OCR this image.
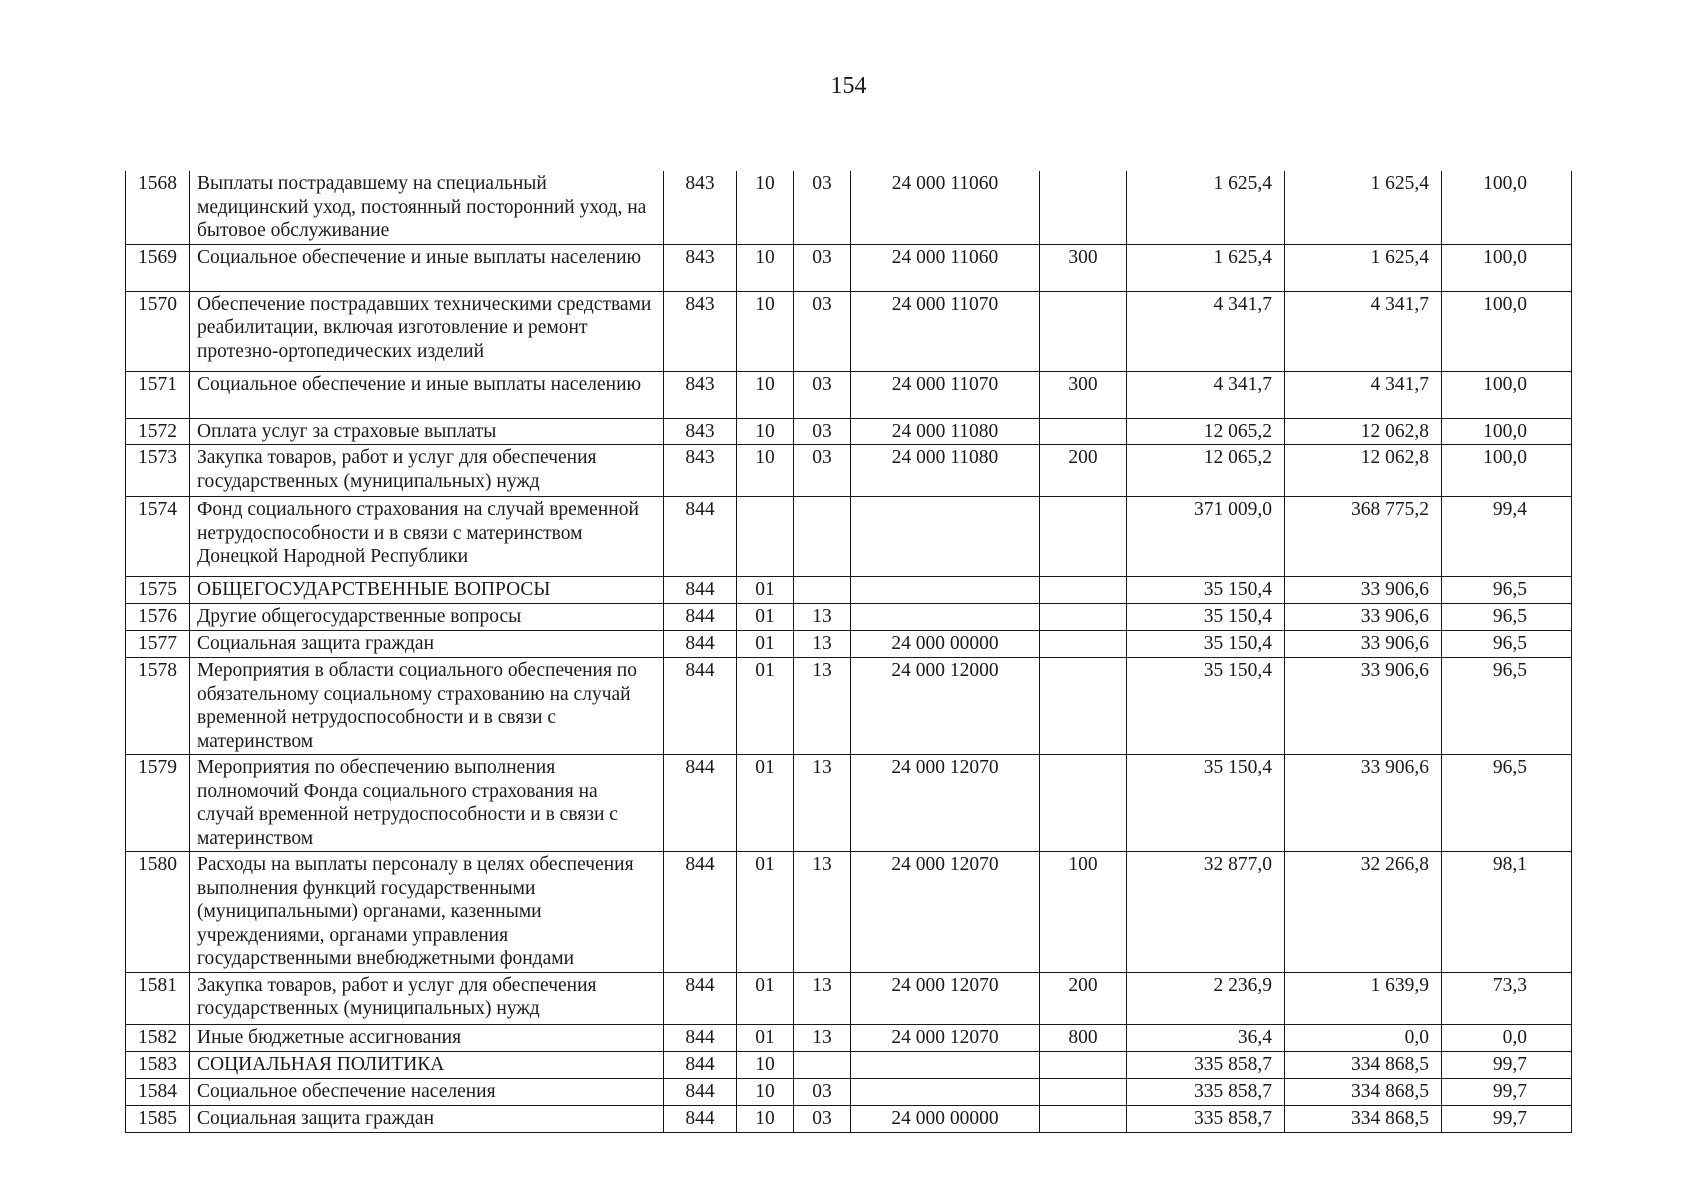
154
1568	Выплаты пострадавшему на специальный медицинский уход, постоянный посторонний уход, на бытовое обслуживание	843	10	03	24 000 11060		1 625,4	1 625,4	100,0
1569	Социальное обеспечение и иные выплаты населению	843	10	03	24 000 11060	300	1 625,4	1 625,4	100,0
1570	Обеспечение пострадавших техническими средствами реабилитации, включая изготовление и ремонт протезно-ортопедических изделий	843	10	03	24 000 11070		4 341,7	4 341,7	100,0
1571	Социальное обеспечение и иные выплаты населению	843	10	03	24 000 11070	300	4 341,7	4 341,7	100,0
1572	Оплата услуг за страховые выплаты	843	10	03	24 000 11080		12 065,2	12 062,8	100,0
1573	Закупка товаров, работ и услуг для обеспечения государственных (муниципальных) нужд	843	10	03	24 000 11080	200	12 065,2	12 062,8	100,0
1574	Фонд социального страхования на случай временной нетрудоспособности и в связи с материнством Донецкой Народной Республики	844					371 009,0	368 775,2	99,4
1575	ОБЩЕГОСУДАРСТВЕННЫЕ ВОПРОСЫ	844	01				35 150,4	33 906,6	96,5
1576	Другие общегосударственные вопросы	844	01	13			35 150,4	33 906,6	96,5
1577	Социальная защита граждан	844	01	13	24 000 00000		35 150,4	33 906,6	96,5
1578	Мероприятия в области социального обеспечения по обязательному социальному страхованию на случай временной нетрудоспособности и в связи с материнством	844	01	13	24 000 12000		35 150,4	33 906,6	96,5
1579	Мероприятия по обеспечению выполнения полномочий Фонда социального страхования на случай временной нетрудоспособности и в связи с материнством	844	01	13	24 000 12070		35 150,4	33 906,6	96,5
1580	Расходы на выплаты персоналу в целях обеспечения выполнения функций государственными (муниципальными) органами, казенными учреждениями, органами управления государственными внебюджетными фондами	844	01	13	24 000 12070	100	32 877,0	32 266,8	98,1
1581	Закупка товаров, работ и услуг для обеспечения государственных (муниципальных) нужд	844	01	13	24 000 12070	200	2 236,9	1 639,9	73,3
1582	Иные бюджетные ассигнования	844	01	13	24 000 12070	800	36,4	0,0	0,0
1583	СОЦИАЛЬНАЯ ПОЛИТИКА	844	10				335 858,7	334 868,5	99,7
1584	Социальное обеспечение населения	844	10	03			335 858,7	334 868,5	99,7
1585	Социальная защита граждан	844	10	03	24 000 00000		335 858,7	334 868,5	99,7
